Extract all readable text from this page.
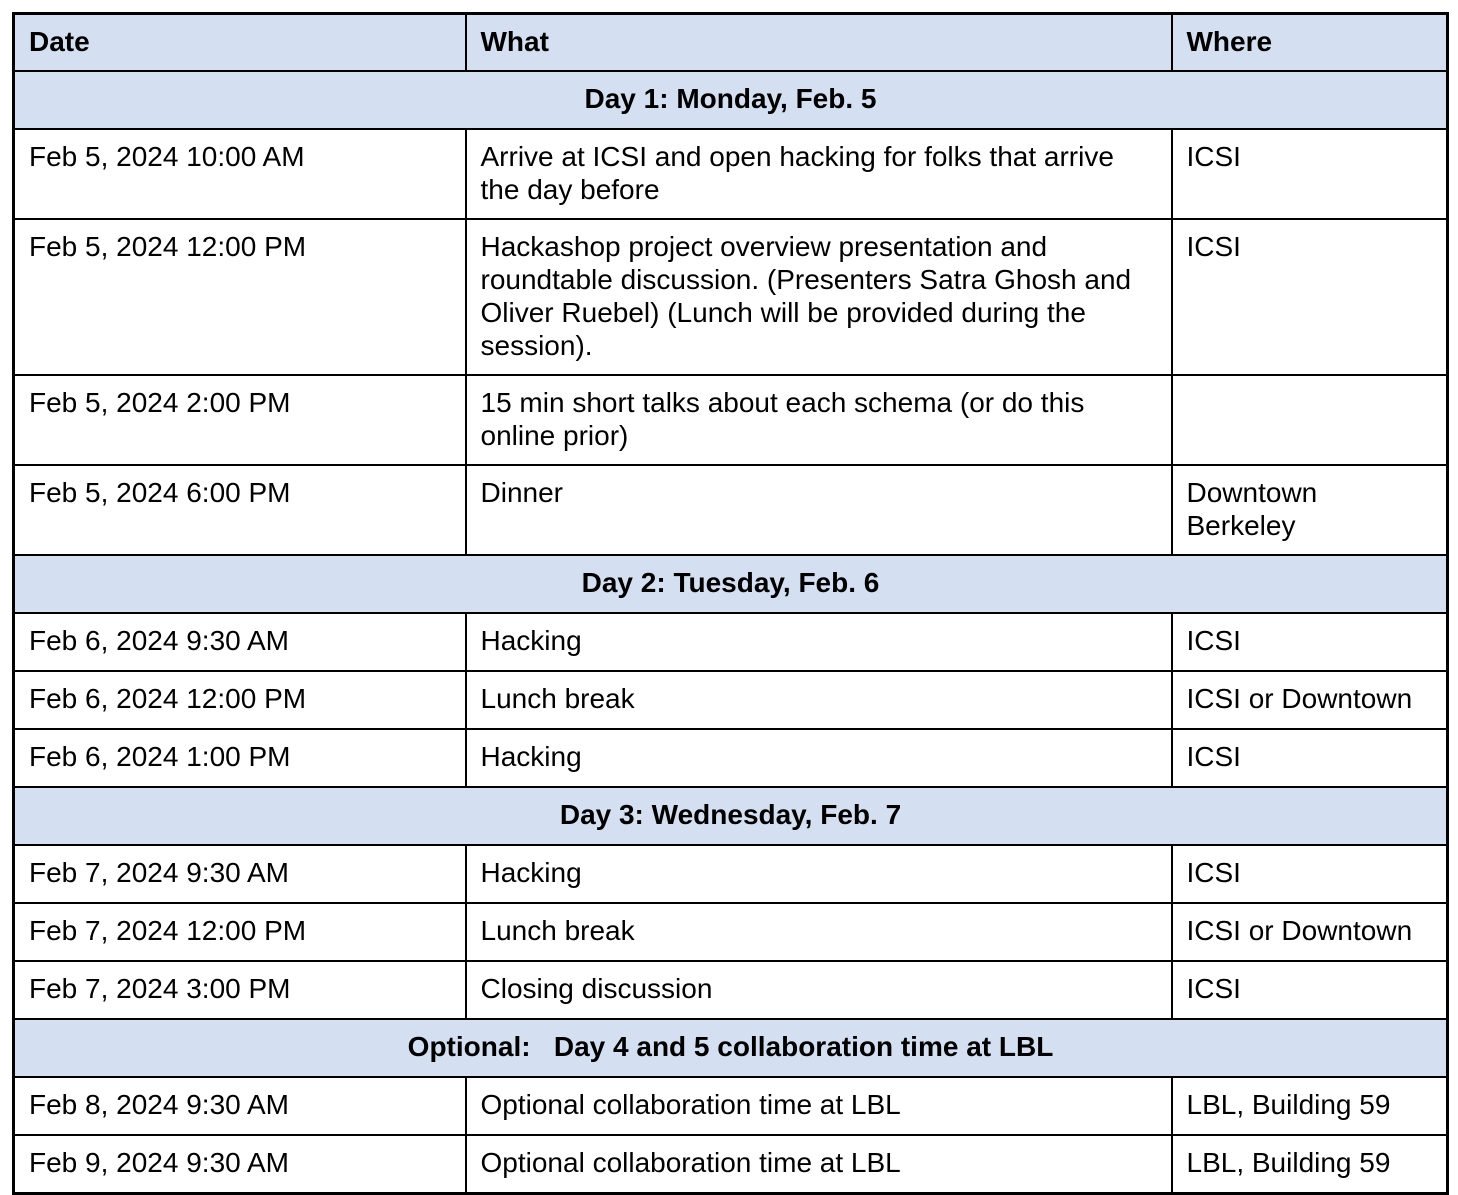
Date	What	Where
Day 1: Monday, Feb. 5		
Feb 5, 2024 10:00 AM	Arrive at ICSI and open hacking for folks that arrive the day before	ICSI
Feb 5, 2024 12:00 PM	Hackashop project overview presentation and roundtable discussion. (Presenters Satra Ghosh and Oliver Ruebel) (Lunch will be provided during the session).	ICSI
Feb 5, 2024 2:00 PM	15 min short talks about each schema (or do this online prior)	
Feb 5, 2024 6:00 PM	Dinner	Downtown Berkeley
Day 2: Tuesday, Feb. 6		
Feb 6, 2024 9:30 AM	Hacking	ICSI
Feb 6, 2024 12:00 PM	Lunch break	ICSI or Downtown
Feb 6, 2024 1:00 PM	Hacking	ICSI
Day 3: Wednesday, Feb. 7		
Feb 7, 2024 9:30 AM	Hacking	ICSI
Feb 7, 2024 12:00 PM	Lunch break	ICSI or Downtown
Feb 7, 2024 3:00 PM	Closing discussion	ICSI
Optional:   Day 4 and 5 collaboration time at LBL		
Feb 8, 2024 9:30 AM	Optional collaboration time at LBL	LBL, Building 59
Feb 9, 2024 9:30 AM	Optional collaboration time at LBL	LBL, Building 59
